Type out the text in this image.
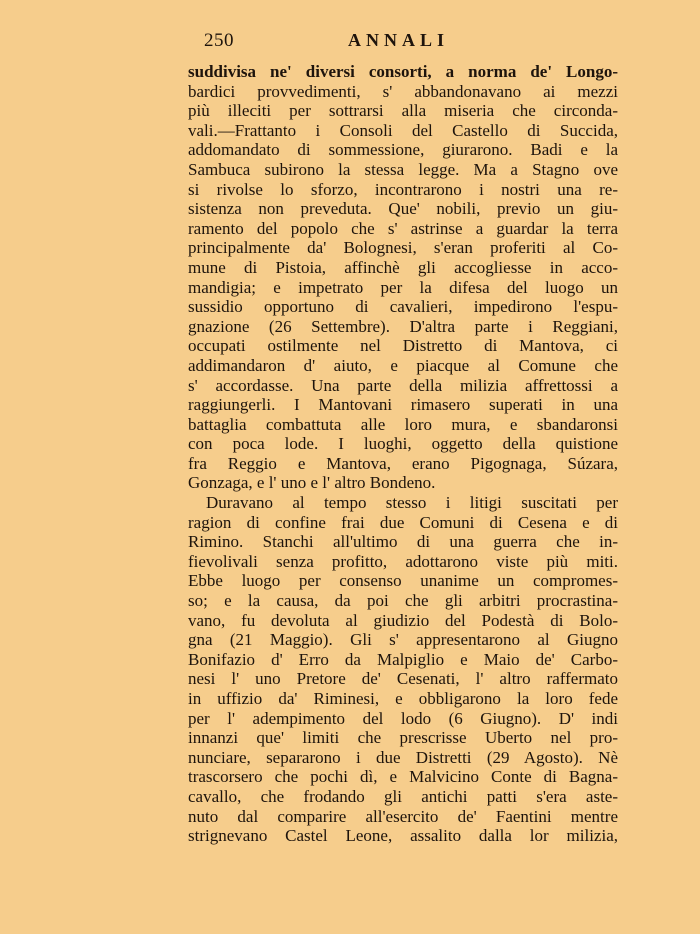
250	ANNALI
suddivisa ne' diversi consorti, a norma de' Longo-
bardici provvedimenti, s' abbandonavano ai mezzi
più illeciti per sottrarsi alla miseria che circonda-
vali.—Frattanto i Consoli del Castello di Succida,
addomandato di sommessione, giurarono. Badi e la
Sambuca subirono la stessa legge. Ma a Stagno ove
si rivolse lo sforzo, incontrarono i nostri una re-
sistenza non preveduta. Que' nobili, previo un giu-
ramento del popolo che s' astrinse a guardar la terra
principalmente da' Bolognesi, s'eran proferiti al Co-
mune di Pistoia, affinchè gli accogliesse in acco-
mandigia; e impetrato per la difesa del luogo un
sussidio opportuno di cavalieri, impedirono l'espu-
gnazione (26 Settembre). D'altra parte i Reggiani,
occupati ostilmente nel Distretto di Mantova, ci
addimandaron d' aiuto, e piacque al Comune che
s' accordasse. Una parte della milizia affrettossi a
raggiungerli. I Mantovani rimasero superati in una
battaglia combattuta alle loro mura, e sbandaronsi
con poca lode. I luoghi, oggetto della quistione
fra Reggio e Mantova, erano Pigognaga, Súzara,
Gonzaga, e l' uno e l' altro Bondeno.
Duravano al tempo stesso i litigi suscitati per
ragion di confine frai due Comuni di Cesena e di
Rimino. Stanchi all'ultimo di una guerra che in-
fievolivali senza profitto, adottarono viste più miti.
Ebbe luogo per consenso unanime un compromes-
so; e la causa, da poi che gli arbitri procrastina-
vano, fu devoluta al giudizio del Podestà di Bolo-
gna (21 Maggio). Gli s' appresentarono al Giugno
Bonifazio d' Erro da Malpiglio e Maio de' Carbo-
nesi l' uno Pretore de' Cesenati, l' altro raffermato
in uffizio da' Riminesi, e obbligarono la loro fede
per l' adempimento del lodo (6 Giugno). D' indi
innanzi que' limiti che prescrisse Uberto nel pro-
nunciare, separarono i due Distretti (29 Agosto). Nè
trascorsero che pochi dì, e Malvicino Conte di Bagna-
cavallo, che frodando gli antichi patti s'era aste-
nuto dal comparire all'esercito de' Faentini mentre
strignevano Castel Leone, assalito dalla lor milizia,
